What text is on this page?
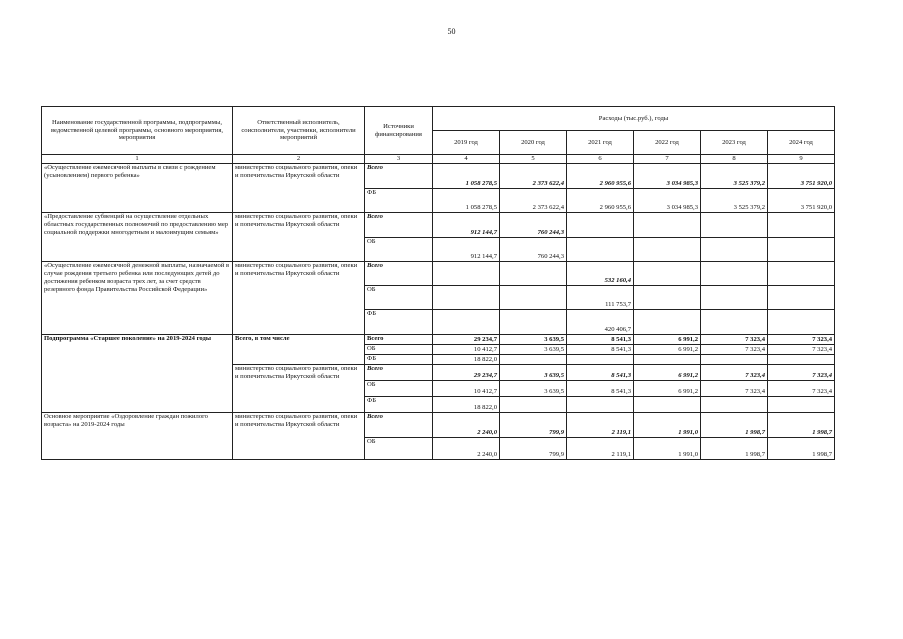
50
Наименование государственной программы, подпрограммы, ведомственной целевой программы, основного мероприятия, мероприятия	Ответственный исполнитель, соисполнители, участники, исполнители мероприятий	Источники финансирования	Расходы (тыс.руб.), годы					
			2019 год	2020 год	2021 год	2022 год	2023 год	2024 год
1	2	3	4	5	6	7	8	9
«Осуществление ежемесячной выплаты в связи с рождением (усыновлением) первого ребенка»	министерство социального развития, опеки и попечительства Иркутской области	Всего	1 058 278,5	2 373 622,4	2 960 955,6	3 034 985,3	3 525 379,2	3 751 920,0
		ФБ	1 058 278,5	2 373 622,4	2 960 955,6	3 034 985,3	3 525 379,2	3 751 920,0
«Предоставление субвенций на осуществление отдельных областных государственных полномочий по предоставлению мер социальной поддержки многодетным и малоимущим семьям»	министерство социального развития, опеки и попечительства Иркутской области	Всего	912 144,7	760 244,3				
		ОБ	912 144,7	760 244,3				
«Осуществление ежемесячной денежной выплаты, назначаемой в случае рождения третьего ребенка или последующих детей до достижения ребенком возраста трех лет, за счет средств резервного фонда Правительства Российской Федерации»	министерство социального развития, опеки и попечительства Иркутской области	Всего			532 160,4			
		ОБ			111 753,7			
		ФБ			420 406,7			
Подпрограмма «Старшее поколение» на 2019-2024 годы	Всего, в том числе	Всего	29 234,7	3 639,5	8 541,3	6 991,2	7 323,4	7 323,4
		ОБ	10 412,7	3 639,5	8 541,3	6 991,2	7 323,4	7 323,4
		ФБ	18 822,0					
	министерство социального развития, опеки и попечительства Иркутской области	Всего	29 234,7	3 639,5	8 541,3	6 991,2	7 323,4	7 323,4
		ОБ	10 412,7	3 639,5	8 541,3	6 991,2	7 323,4	7 323,4
		ФБ	18 822,0					
Основное мероприятие «Оздоровление граждан пожилого возраста» на 2019-2024 годы	министерство социального развития, опеки и попечительства Иркутской области	Всего	2 240,0	799,9	2 119,1	1 991,0	1 998,7	1 998,7
		ОБ	2 240,0	799,9	2 119,1	1 991,0	1 998,7	1 998,7
